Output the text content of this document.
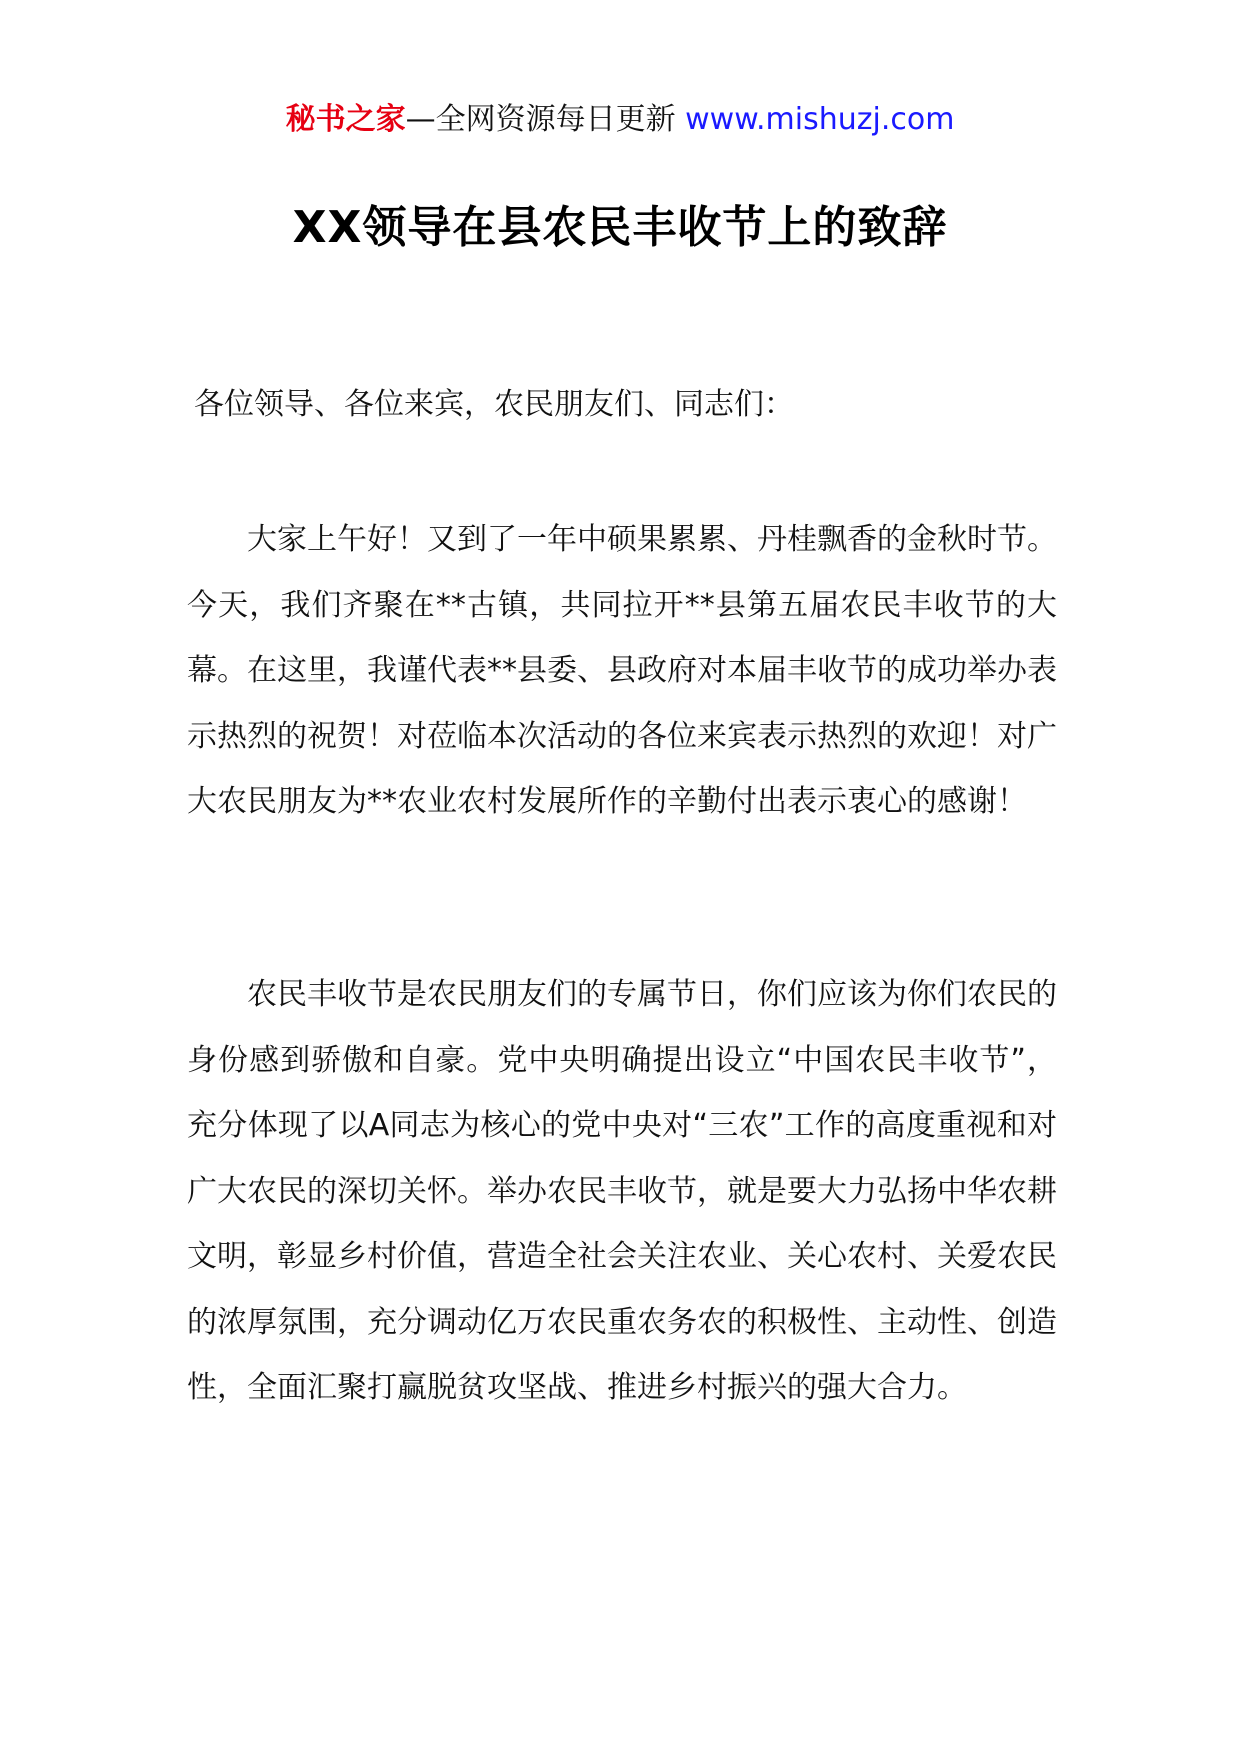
秘书之家—全网资源每日更新 www.mishuzj.com
XX领导在县农民丰收节上的致辞
各位领导、各位来宾，农民朋友们、同志们：

大家上午好！又到了一年中硕果累累、丹桂飘香的金秋时节。今天，我们齐聚在**古镇，共同拉开**县第五届农民丰收节的大幕。在这里，我谨代表**县委、县政府对本届丰收节的成功举办表示热烈的祝贺！对莅临本次活动的各位来宾表示热烈的欢迎！对广大农民朋友为**农业农村发展所作的辛勤付出表示衷心的感谢！

农民丰收节是农民朋友们的专属节日，你们应该为你们农民的身份感到骄傲和自豪。党中央明确提出设立“中国农民丰收节”，充分体现了以A同志为核心的党中央对“三农”工作的高度重视和对广大农民的深切关怀。举办农民丰收节，就是要大力弘扬中华农耕文明，彰显乡村价值，营造全社会关注农业、关心农村、关爱农民的浓厚氛围，充分调动亿万农民重农务农的积极性、主动性、创造性，全面汇聚打赢脱贫攻坚战、推进乡村振兴的强大合力。
